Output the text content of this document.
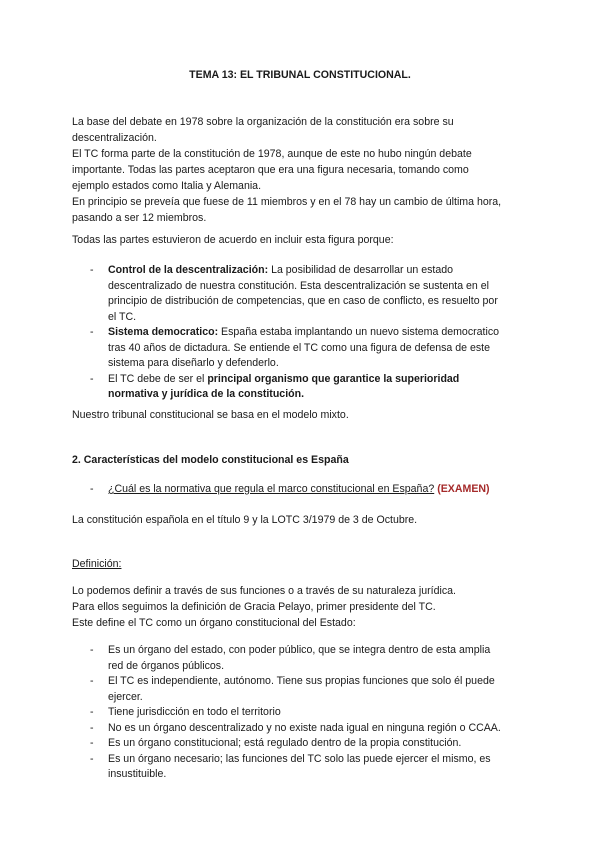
TEMA 13: EL TRIBUNAL CONSTITUCIONAL.
La base del debate en 1978 sobre la organización de la constitución era sobre su
descentralización.
El TC forma parte de la constitución de 1978, aunque de este no hubo ningún debate
importante. Todas las partes aceptaron que era una figura necesaria, tomando como
ejemplo estados como Italia y Alemania.
En principio se preveía que fuese de 11 miembros y en el 78 hay un cambio de última hora,
pasando a ser 12 miembros.
Todas las partes estuvieron de acuerdo en incluir esta figura porque:
- Control de la descentralización: La posibilidad de desarrollar un estado
descentralizado de nuestra constitución. Esta descentralización se sustenta en el
principio de distribución de competencias, que en caso de conflicto, es resuelto por
el TC.
- Sistema democratico: España estaba implantando un nuevo sistema democratico
tras 40 años de dictadura. Se entiende el TC como una figura de defensa de este
sistema para diseñarlo y defenderlo.
- El TC debe de ser el principal organismo que garantice la superioridad
normativa y jurídica de la constitución.
Nuestro tribunal constitucional se basa en el modelo mixto.
2. Características del modelo constitucional es España
- ¿Cuál es la normativa que regula el marco constitucional en España? (EXAMEN)
La constitución española en el título 9 y la LOTC 3/1979 de 3 de Octubre.
Definición:
Lo podemos definir a través de sus funciones o a través de su naturaleza jurídica.
Para ellos seguimos la definición de Gracia Pelayo, primer presidente del TC.
Este define el TC como un órgano constitucional del Estado:
- Es un órgano del estado, con poder público, que se integra dentro de esta amplia
red de órganos públicos.
- El TC es independiente, autónomo. Tiene sus propias funciones que solo él puede
ejercer.
- Tiene jurisdicción en todo el territorio
- No es un órgano descentralizado y no existe nada igual en ninguna región o CCAA.
- Es un órgano constitucional; está regulado dentro de la propia constitución.
- Es un órgano necesario; las funciones del TC solo las puede ejercer el mismo, es
insustituible.
